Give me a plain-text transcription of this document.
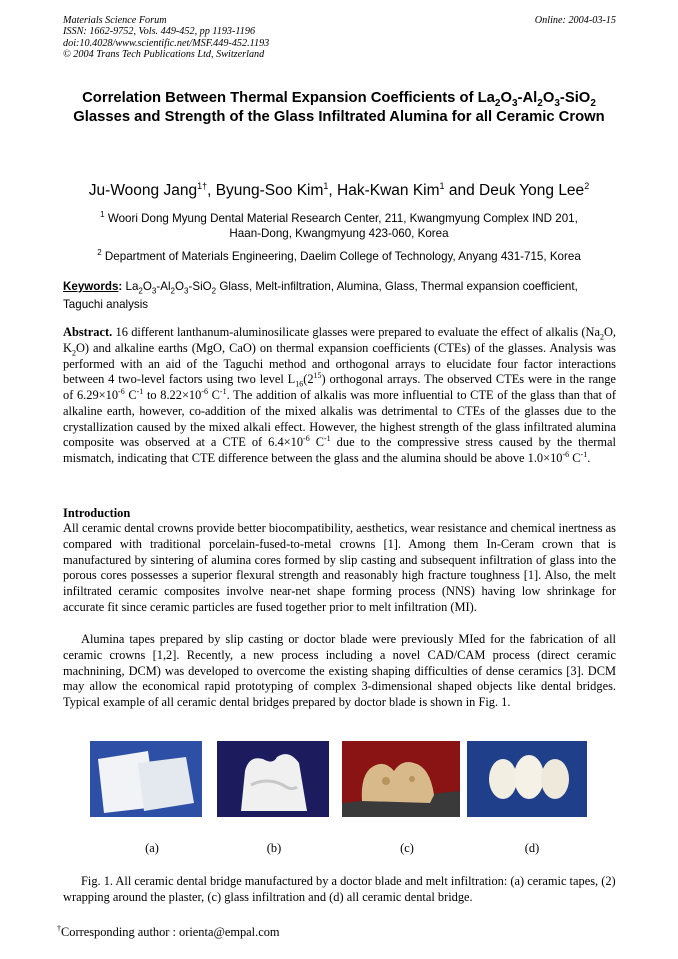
Materials Science Forum
ISSN: 1662-9752, Vols. 449-452, pp 1193-1196
doi:10.4028/www.scientific.net/MSF.449-452.1193
© 2004 Trans Tech Publications Ltd, Switzerland
Online: 2004-03-15
Correlation Between Thermal Expansion Coefficients of $La_2O_3-Al_2O_3-SiO_2$
Glasses and Strength of the Glass Infiltrated Alumina for all Ceramic Crown
Ju-Woong Jang$^{1\dagger}$, Byung-Soo Kim$^1$, Hak-Kwan Kim$^1$ and Deuk Yong Lee$^2$
$^1$ Woori Dong Myung Dental Material Research Center, 211, Kwangmyung Complex IND 201,
Haan-Dong, Kwangmyung 423-060, Korea
$^2$ Department of Materials Engineering, Daelim College of Technology, Anyang 431-715, Korea
Keywords: $La_2O_3-Al_2O_3-SiO_2$ Glass, Melt-infiltration, Alumina, Glass, Thermal expansion coefficient, Taguchi analysis
Abstract. 16 different lanthanum-aluminosilicate glasses were prepared to evaluate the effect of alkalis ($Na_2O$, $K_2O$) and alkaline earths (MgO, CaO) on thermal expansion coefficients (CTEs) of the glasses. Analysis was performed with an aid of the Taguchi method and orthogonal arrays to elucidate four factor interactions between 4 two-level factors using two level $L_{16}(2^{15})$ orthogonal arrays. The observed CTEs were in the range of $6.29\times 10^{-6}$ $C^{-1}$ to $8.22\times 10^{-6}$ $C^{-1}$. The addition of alkalis was more influential to CTE of the glass than that of alkaline earth, however, co-addition of the mixed alkalis was detrimental to CTEs of the glasses due to the crystallization caused by the mixed alkali effect. However, the highest strength of the glass infiltrated alumina composite was observed at a CTE of $6.4\times 10^{-6}$ $C^{-1}$ due to the compressive stress caused by the thermal mismatch, indicating that CTE difference between the glass and the alumina should be above $1.0\times 10^{-6}$ $C^{-1}$.
Introduction
All ceramic dental crowns provide better biocompatibility, aesthetics, wear resistance and chemical inertness as compared with traditional porcelain-fused-to-metal crowns [1]. Among them In-Ceram crown that is manufactured by sintering of alumina cores formed by slip casting and subsequent infiltration of glass into the porous cores possesses a superior flexural strength and reasonably high fracture toughness [1]. Also, the melt infiltrated ceramic composites involve near-net shape forming process (NNS) having low shrinkage for accurate fit since ceramic particles are fused together prior to melt infiltration (MI).
Alumina tapes prepared by slip casting or doctor blade were previously MIed for the fabrication of all ceramic crowns [1,2]. Recently, a new process including a novel CAD/CAM process (direct ceramic machnining, DCM) was developed to overcome the existing shaping difficulties of dense ceramics [3]. DCM may allow the economical rapid prototyping of complex 3-dimensional shaped objects like dental bridges. Typical example of all ceramic dental bridges prepared by doctor blade is shown in Fig. 1.
(a)	(b)	(c)	(d)
Fig. 1. All ceramic dental bridge manufactured by a doctor blade and melt infiltration: (a) ceramic tapes, (2) wrapping around the plaster, (c) glass infiltration and (d) all ceramic dental bridge.
†Corresponding author : orienta@empal.com
